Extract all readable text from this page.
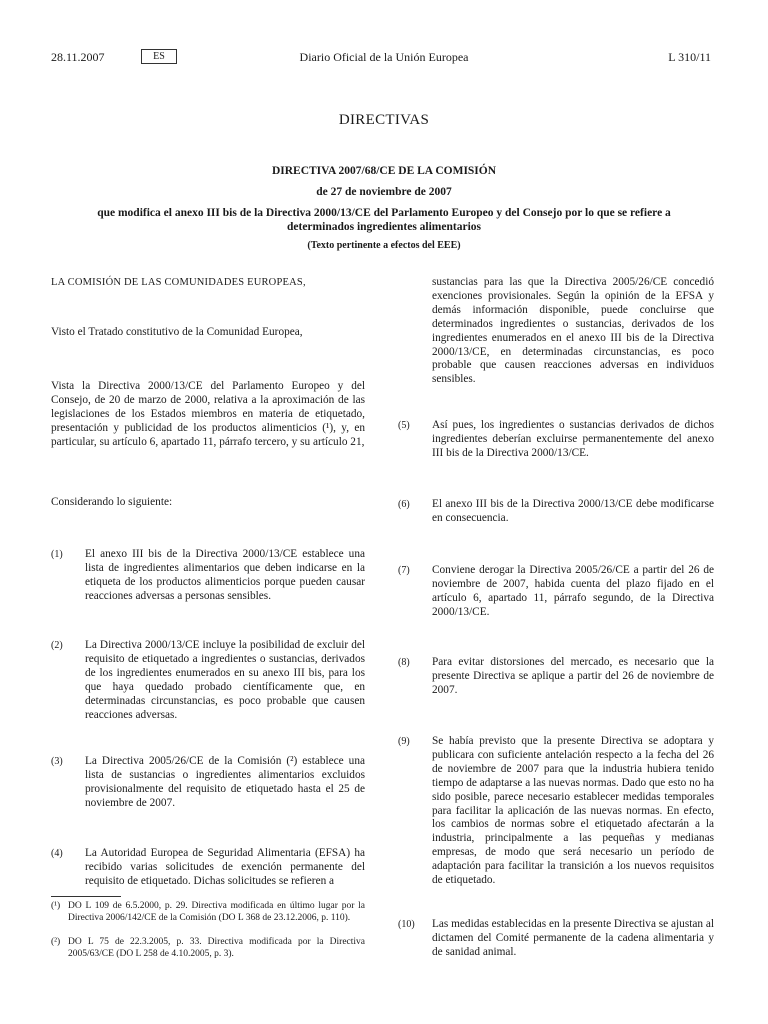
28.11.2007	Diario Oficial de la Unión Europea
ES	L 310/11
DIRECTIVAS
DIRECTIVA 2007/68/CE DE LA COMISIÓN
de 27 de noviembre de 2007
que modifica el anexo III bis de la Directiva 2000/13/CE del Parlamento Europeo y del Consejo por lo que se refiere a determinados ingredientes alimentarios
(Texto pertinente a efectos del EEE)

LA COMISIÓN DE LAS COMUNIDADES EUROPEAS,

Visto el Tratado constitutivo de la Comunidad Europea,

Vista la Directiva 2000/13/CE del Parlamento Europeo y del Consejo, de 20 de marzo de 2000, relativa a la aproximación de las legislaciones de los Estados miembros en materia de etiquetado, presentación y publicidad de los productos alimenticios (¹), y, en particular, su artículo 6, apartado 11, párrafo tercero, y su artículo 21,

Considerando lo siguiente:

(1)	El anexo III bis de la Directiva 2000/13/CE establece una lista de ingredientes alimentarios que deben indicarse en la etiqueta de los productos alimenticios porque pueden causar reacciones adversas a personas sensibles.

(2)	La Directiva 2000/13/CE incluye la posibilidad de excluir del requisito de etiquetado a ingredientes o sustancias, derivados de los ingredientes enumerados en su anexo III bis, para los que haya quedado probado científicamente que, en determinadas circunstancias, es poco probable que causen reacciones adversas.

(3)	La Directiva 2005/26/CE de la Comisión (²) establece una lista de sustancias o ingredientes alimentarios excluidos provisionalmente del requisito de etiquetado hasta el 25 de noviembre de 2007.

(4)	La Autoridad Europea de Seguridad Alimentaria (EFSA) ha recibido varias solicitudes de exención permanente del requisito de etiquetado. Dichas solicitudes se refieren a

(¹) DO L 109 de 6.5.2000, p. 29. Directiva modificada en último lugar por la Directiva 2006/142/CE de la Comisión (DO L 368 de 23.12.2006, p. 110).
(²) DO L 75 de 22.3.2005, p. 33. Directiva modificada por la Directiva 2005/63/CE (DO L 258 de 4.10.2005, p. 3).

sustancias para las que la Directiva 2005/26/CE concedió exenciones provisionales. Según la opinión de la EFSA y demás información disponible, puede concluirse que determinados ingredientes o sustancias, derivados de los ingredientes enumerados en el anexo III bis de la Directiva 2000/13/CE, en determinadas circunstancias, es poco probable que causen reacciones adversas en individuos sensibles.

(5)	Así pues, los ingredientes o sustancias derivados de dichos ingredientes deberían excluirse permanentemente del anexo III bis de la Directiva 2000/13/CE.

(6)	El anexo III bis de la Directiva 2000/13/CE debe modificarse en consecuencia.

(7)	Conviene derogar la Directiva 2005/26/CE a partir del 26 de noviembre de 2007, habida cuenta del plazo fijado en el artículo 6, apartado 11, párrafo segundo, de la Directiva 2000/13/CE.

(8)	Para evitar distorsiones del mercado, es necesario que la presente Directiva se aplique a partir del 26 de noviembre de 2007.

(9)	Se había previsto que la presente Directiva se adoptara y publicara con suficiente antelación respecto a la fecha del 26 de noviembre de 2007 para que la industria hubiera tenido tiempo de adaptarse a las nuevas normas. Dado que esto no ha sido posible, parece necesario establecer medidas temporales para facilitar la aplicación de las nuevas normas. En efecto, los cambios de normas sobre el etiquetado afectarán a la industria, principalmente a las pequeñas y medianas empresas, de modo que será necesario un período de adaptación para facilitar la transición a los nuevos requisitos de etiquetado.

(10)	Las medidas establecidas en la presente Directiva se ajustan al dictamen del Comité permanente de la cadena alimentaria y de sanidad animal.
